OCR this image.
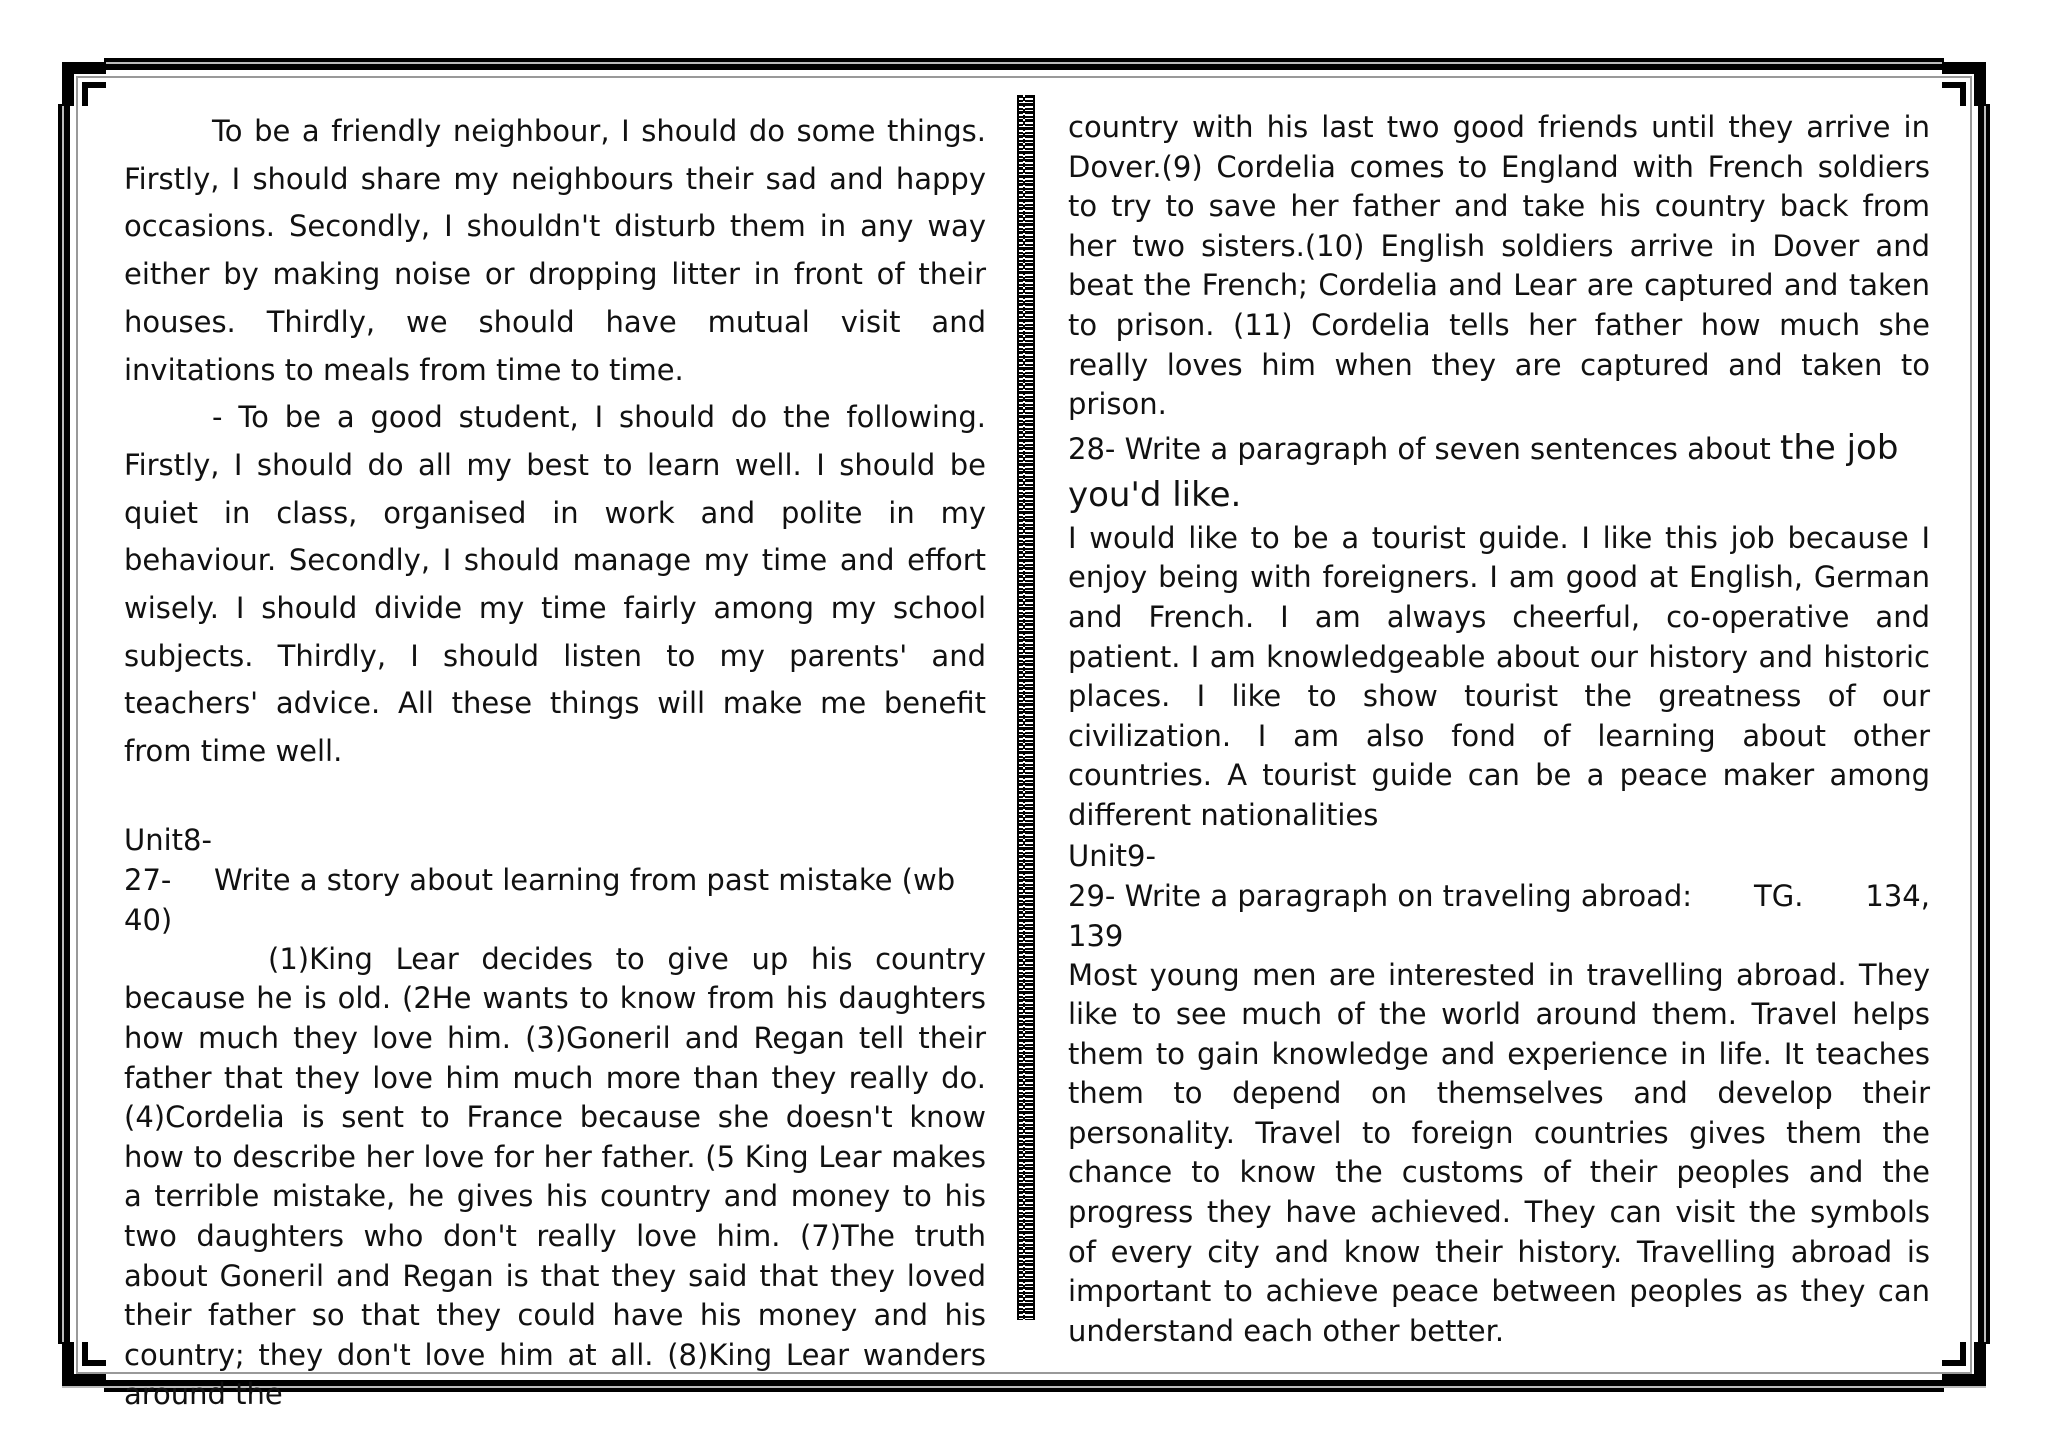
To be a friendly neighbour, I should do some things. Firstly, I should share my neighbours their sad and happy occasions. Secondly, I shouldn't disturb them in any way either by making noise or dropping litter in front of their houses. Thirdly, we should have mutual visit and invitations to meals from time to time.

- To be a good student, I should do the following. Firstly, I should do all my best to learn well. I should be quiet in class, organised in work and polite in my behaviour. Secondly, I should manage my time and effort wisely. I should divide my time fairly among my school subjects. Thirdly, I should listen to my parents' and teachers' advice. All these things will make me benefit from time well.

Unit8-

27-	Write a story about learning from past mistake (wb

40)

(1)King Lear decides to give up his country because he is old. (2He wants to know from his daughters how much they love him. (3)Goneril and Regan tell their father that they love him much more than they really do. (4)Cordelia is sent to France because she doesn't know how to describe her love for her father. (5 King Lear makes a terrible mistake, he gives his country and money to his two daughters who don't really love him. (7)The truth about Goneril and Regan is that they said that they loved their father so that they could have his money and his country; they don't love him at all. (8)King Lear wanders around the

country with his last two good friends until they arrive in Dover.(9) Cordelia comes to England with French soldiers to try to save her father and take his country back from her two sisters.(10) English soldiers arrive in Dover and beat the French; Cordelia and Lear are captured and taken to prison. (11) Cordelia tells her father how much she really loves him when they are captured and taken to prison.

28- Write a paragraph of seven sentences about the job
you'd like.

I would like to be a tourist guide. I like this job because I enjoy being with foreigners. I am good at English, German and French. I am always cheerful, co-operative and patient. I am knowledgeable about our history and historic places. I like to show tourist the greatness of our civilization. I am also fond of learning about other countries. A tourist guide can be a peace maker among different nationalities

Unit9-

29- Write a paragraph on traveling abroad: TG. 134,

139

Most young men are interested in travelling abroad. They like to see much of the world around them. Travel helps them to gain knowledge and experience in life. It teaches them to depend on themselves and develop their personality. Travel to foreign countries gives them the chance to know the customs of their peoples and the progress they have achieved. They can visit the symbols of every city and know their history. Travelling abroad is important to achieve peace between peoples as they can understand each other better.
